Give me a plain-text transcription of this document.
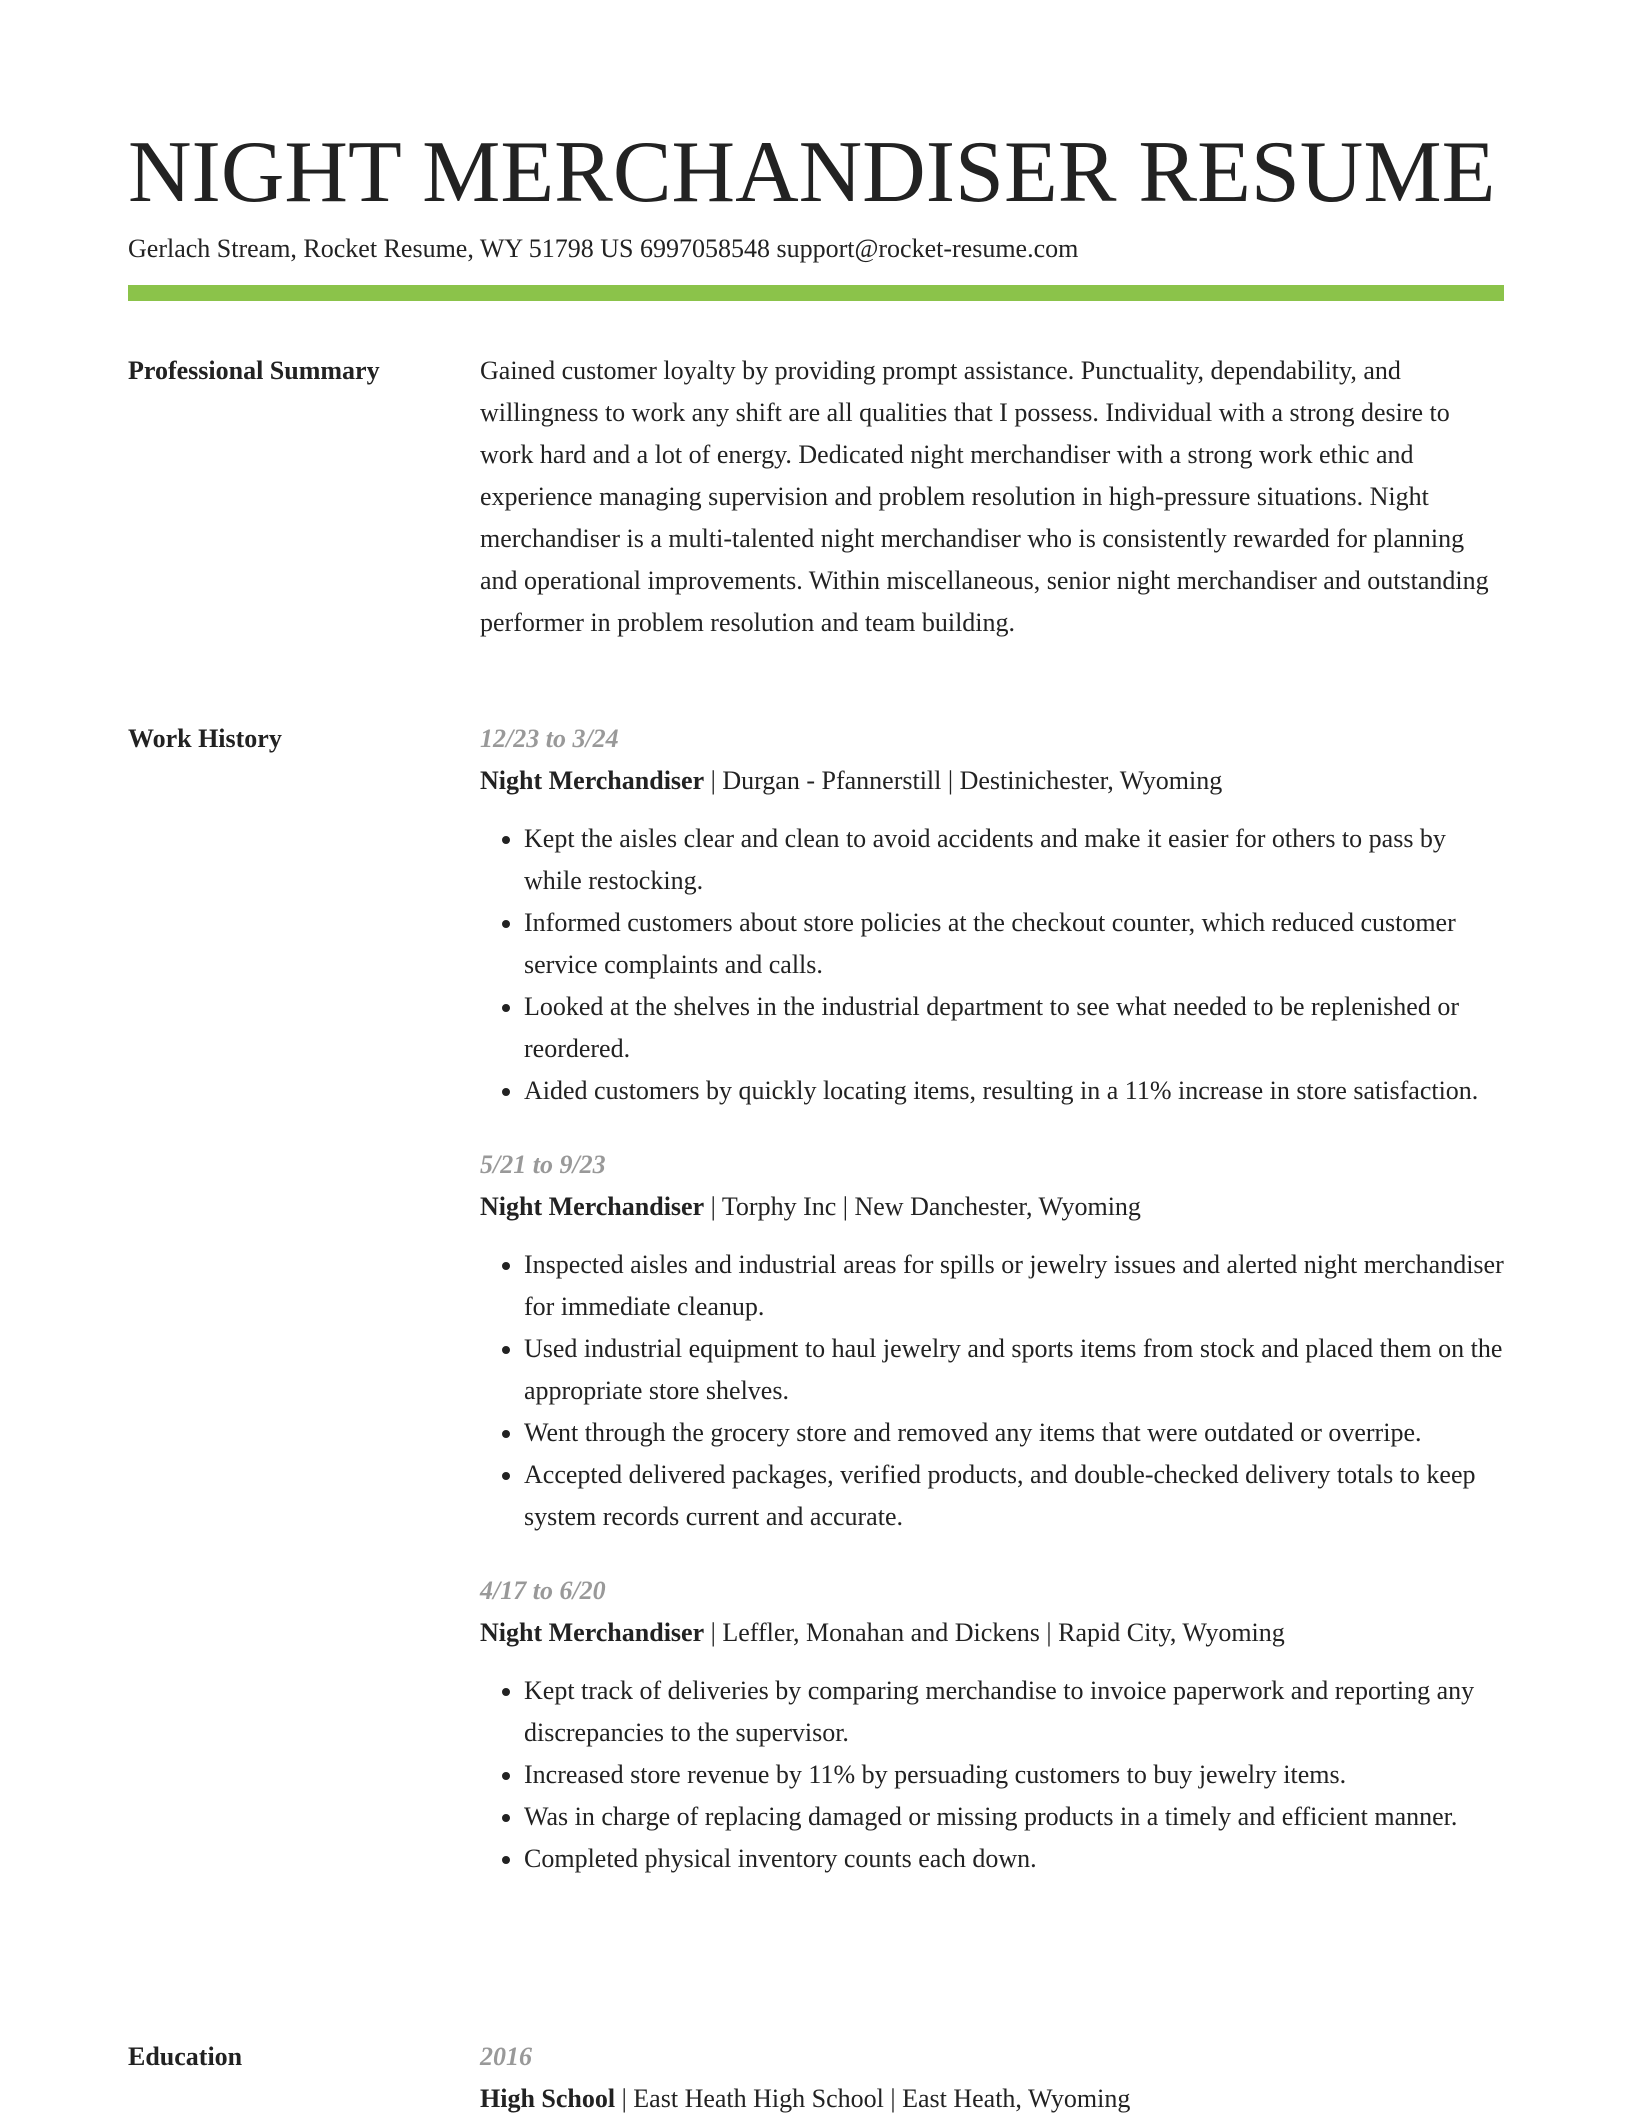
NIGHT MERCHANDISER RESUME
Gerlach Stream, Rocket Resume, WY 51798 US 6997058548 support@rocket-resume.com
Professional Summary	Gained customer loyalty by providing prompt assistance. Punctuality, dependability, and willingness to work any shift are all qualities that I possess. Individual with a strong desire to work hard and a lot of energy. Dedicated night merchandiser with a strong work ethic and experience managing supervision and problem resolution in high-pressure situations. Night merchandiser is a multi-talented night merchandiser who is consistently rewarded for planning and operational improvements. Within miscellaneous, senior night merchandiser and outstanding performer in problem resolution and team building.

Work History	12/23 to 3/24
Night Merchandiser | Durgan - Pfannerstill | Destinichester, Wyoming
• Kept the aisles clear and clean to avoid accidents and make it easier for others to pass by while restocking.
• Informed customers about store policies at the checkout counter, which reduced customer service complaints and calls.
• Looked at the shelves in the industrial department to see what needed to be replenished or reordered.
• Aided customers by quickly locating items, resulting in a 11% increase in store satisfaction.
5/21 to 9/23
Night Merchandiser | Torphy Inc | New Danchester, Wyoming
• Inspected aisles and industrial areas for spills or jewelry issues and alerted night merchandiser for immediate cleanup.
• Used industrial equipment to haul jewelry and sports items from stock and placed them on the appropriate store shelves.
• Went through the grocery store and removed any items that were outdated or overripe.
• Accepted delivered packages, verified products, and double-checked delivery totals to keep system records current and accurate.
4/17 to 6/20
Night Merchandiser | Leffler, Monahan and Dickens | Rapid City, Wyoming
• Kept track of deliveries by comparing merchandise to invoice paperwork and reporting any discrepancies to the supervisor.
• Increased store revenue by 11% by persuading customers to buy jewelry items.
• Was in charge of replacing damaged or missing products in a timely and efficient manner.
• Completed physical inventory counts each down.
Education	2016
High School | East Heath High School | East Heath, Wyoming
